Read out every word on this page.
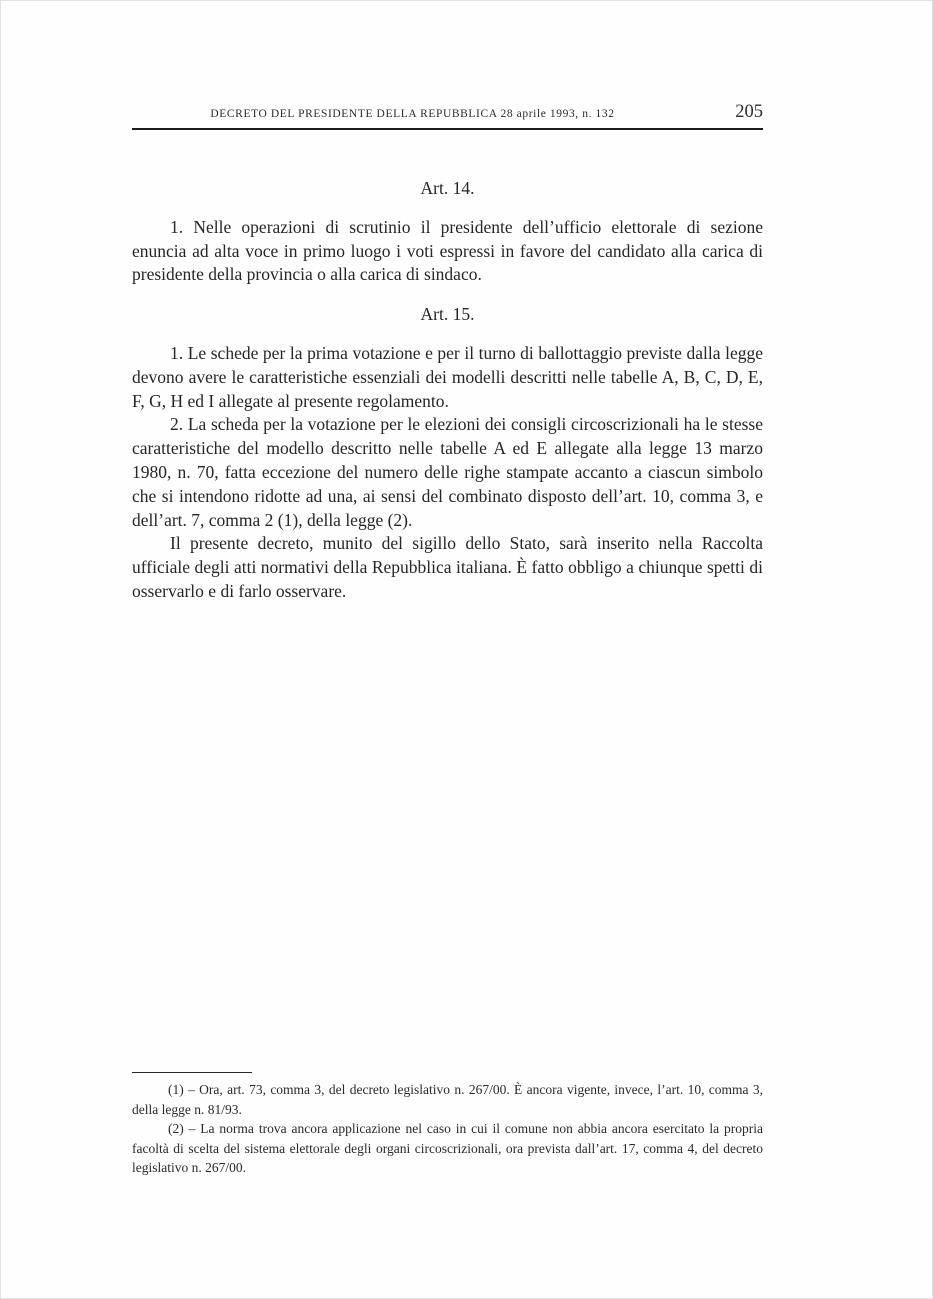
DECRETO DEL PRESIDENTE DELLA REPUBBLICA 28 aprile 1993, n. 132	205
Art. 14.

1. Nelle operazioni di scrutinio il presidente dell’ufficio elettorale di sezione enuncia ad alta voce in primo luogo i voti espressi in favore del candidato alla carica di presidente della provincia o alla carica di sindaco.

Art. 15.

1. Le schede per la prima votazione e per il turno di ballottaggio previste dalla legge devono avere le caratteristiche essenziali dei modelli descritti nelle tabelle A, B, C, D, E, F, G, H ed I allegate al presente regolamento.

2. La scheda per la votazione per le elezioni dei consigli circoscrizionali ha le stesse caratteristiche del modello descritto nelle tabelle A ed E allegate alla legge 13 marzo 1980, n. 70, fatta eccezione del numero delle righe stampate accanto a ciascun simbolo che si intendono ridotte ad una, ai sensi del combinato disposto dell’art. 10, comma 3, e dell’art. 7, comma 2 (1), della legge (2).

Il presente decreto, munito del sigillo dello Stato, sarà inserito nella Raccolta ufficiale degli atti normativi della Repubblica italiana. È fatto obbligo a chiunque spetti di osservarlo e di farlo osservare.

(1) – Ora, art. 73, comma 3, del decreto legislativo n. 267/00. È ancora vigente, invece, l’art. 10, comma 3, della legge n. 81/93.

(2) – La norma trova ancora applicazione nel caso in cui il comune non abbia ancora esercitato la propria facoltà di scelta del sistema elettorale degli organi circoscrizionali, ora prevista dall’art. 17, comma 4, del decreto legislativo n. 267/00.
